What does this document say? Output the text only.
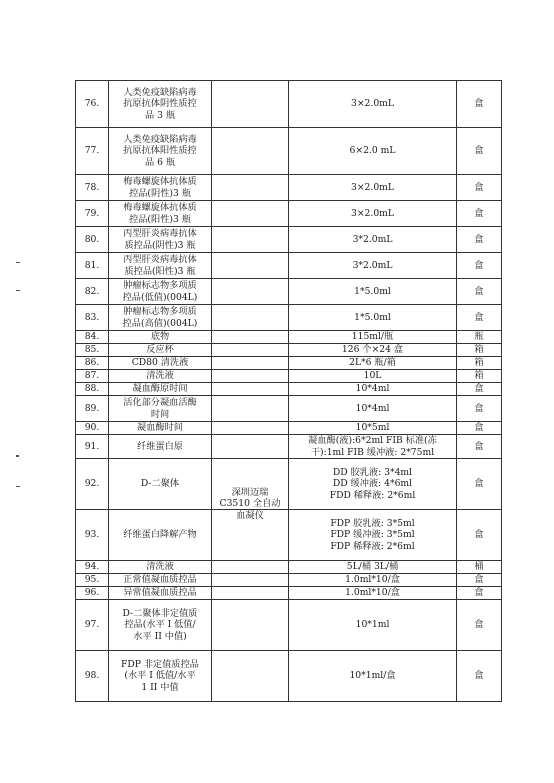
76.	人类免疫缺陷病毒
抗原抗体阴性质控
品 3 瓶		3×2.0mL	盒
77.	人类免疫缺陷病毒
抗原抗体阳性质控
品 6 瓶		6×2.0 mL	盒
78.	梅毒螺旋体抗体质
控品(阴性)3 瓶		3×2.0mL	盒
79.	梅毒螺旋体抗体质
控品(阳性)3 瓶		3×2.0mL	盒
80.	丙型肝炎病毒抗体
质控品(阴性)3 瓶		3*2.0mL	盒
81.	丙型肝炎病毒抗体
质控品(阳性)3 瓶		3*2.0mL	盒
82.	肿瘤标志物多项质
控品(低值)(004L)		1*5.0ml	盒
83.	肿瘤标志物多项质
控品(高值)(004L)		1*5.0ml	盒
84.	底物		115ml/瓶	瓶
85.	反应杯		126 个×24 盒	箱
86.	CD80 清洗液		2L*6 瓶/箱	箱
87.	清洗液		10L	箱
88.	凝血酶原时间		10*4ml	盒
89.	活化部分凝血活酶
时间		10*4ml	盒
90.	凝血酶时间		10*5ml	盒
91.	纤维蛋白原		凝血酶(液):6*2ml FIB 标准(冻
干):1ml FIB 缓冲液: 2*75ml	盒
92.	D-二聚体	深圳迈瑞
C3510 全自动
血凝仪	DD 胶乳液: 3*4ml
DD 缓冲液: 4*6ml
FDD 稀释液: 2*6ml	盒
93.	纤维蛋白降解产物		FDP 胶乳液: 3*5ml
FDP 缓冲液: 3*5ml
FDP 稀释液: 2*6ml	盒
94.	清洗液		5L/桶 3L/桶	桶
95.	正常值凝血质控品		1.0ml*10/盒	盒
96.	异常值凝血质控品		1.0ml*10/盒	盒
97.	D-二聚体非定值质
控品(水平 I 低值/
水平 II 中值)		10*1ml	盒
98.	FDP 非定值质控品
(水平 I 低值/水平
1 II 中值		10*1ml/盒	盒
